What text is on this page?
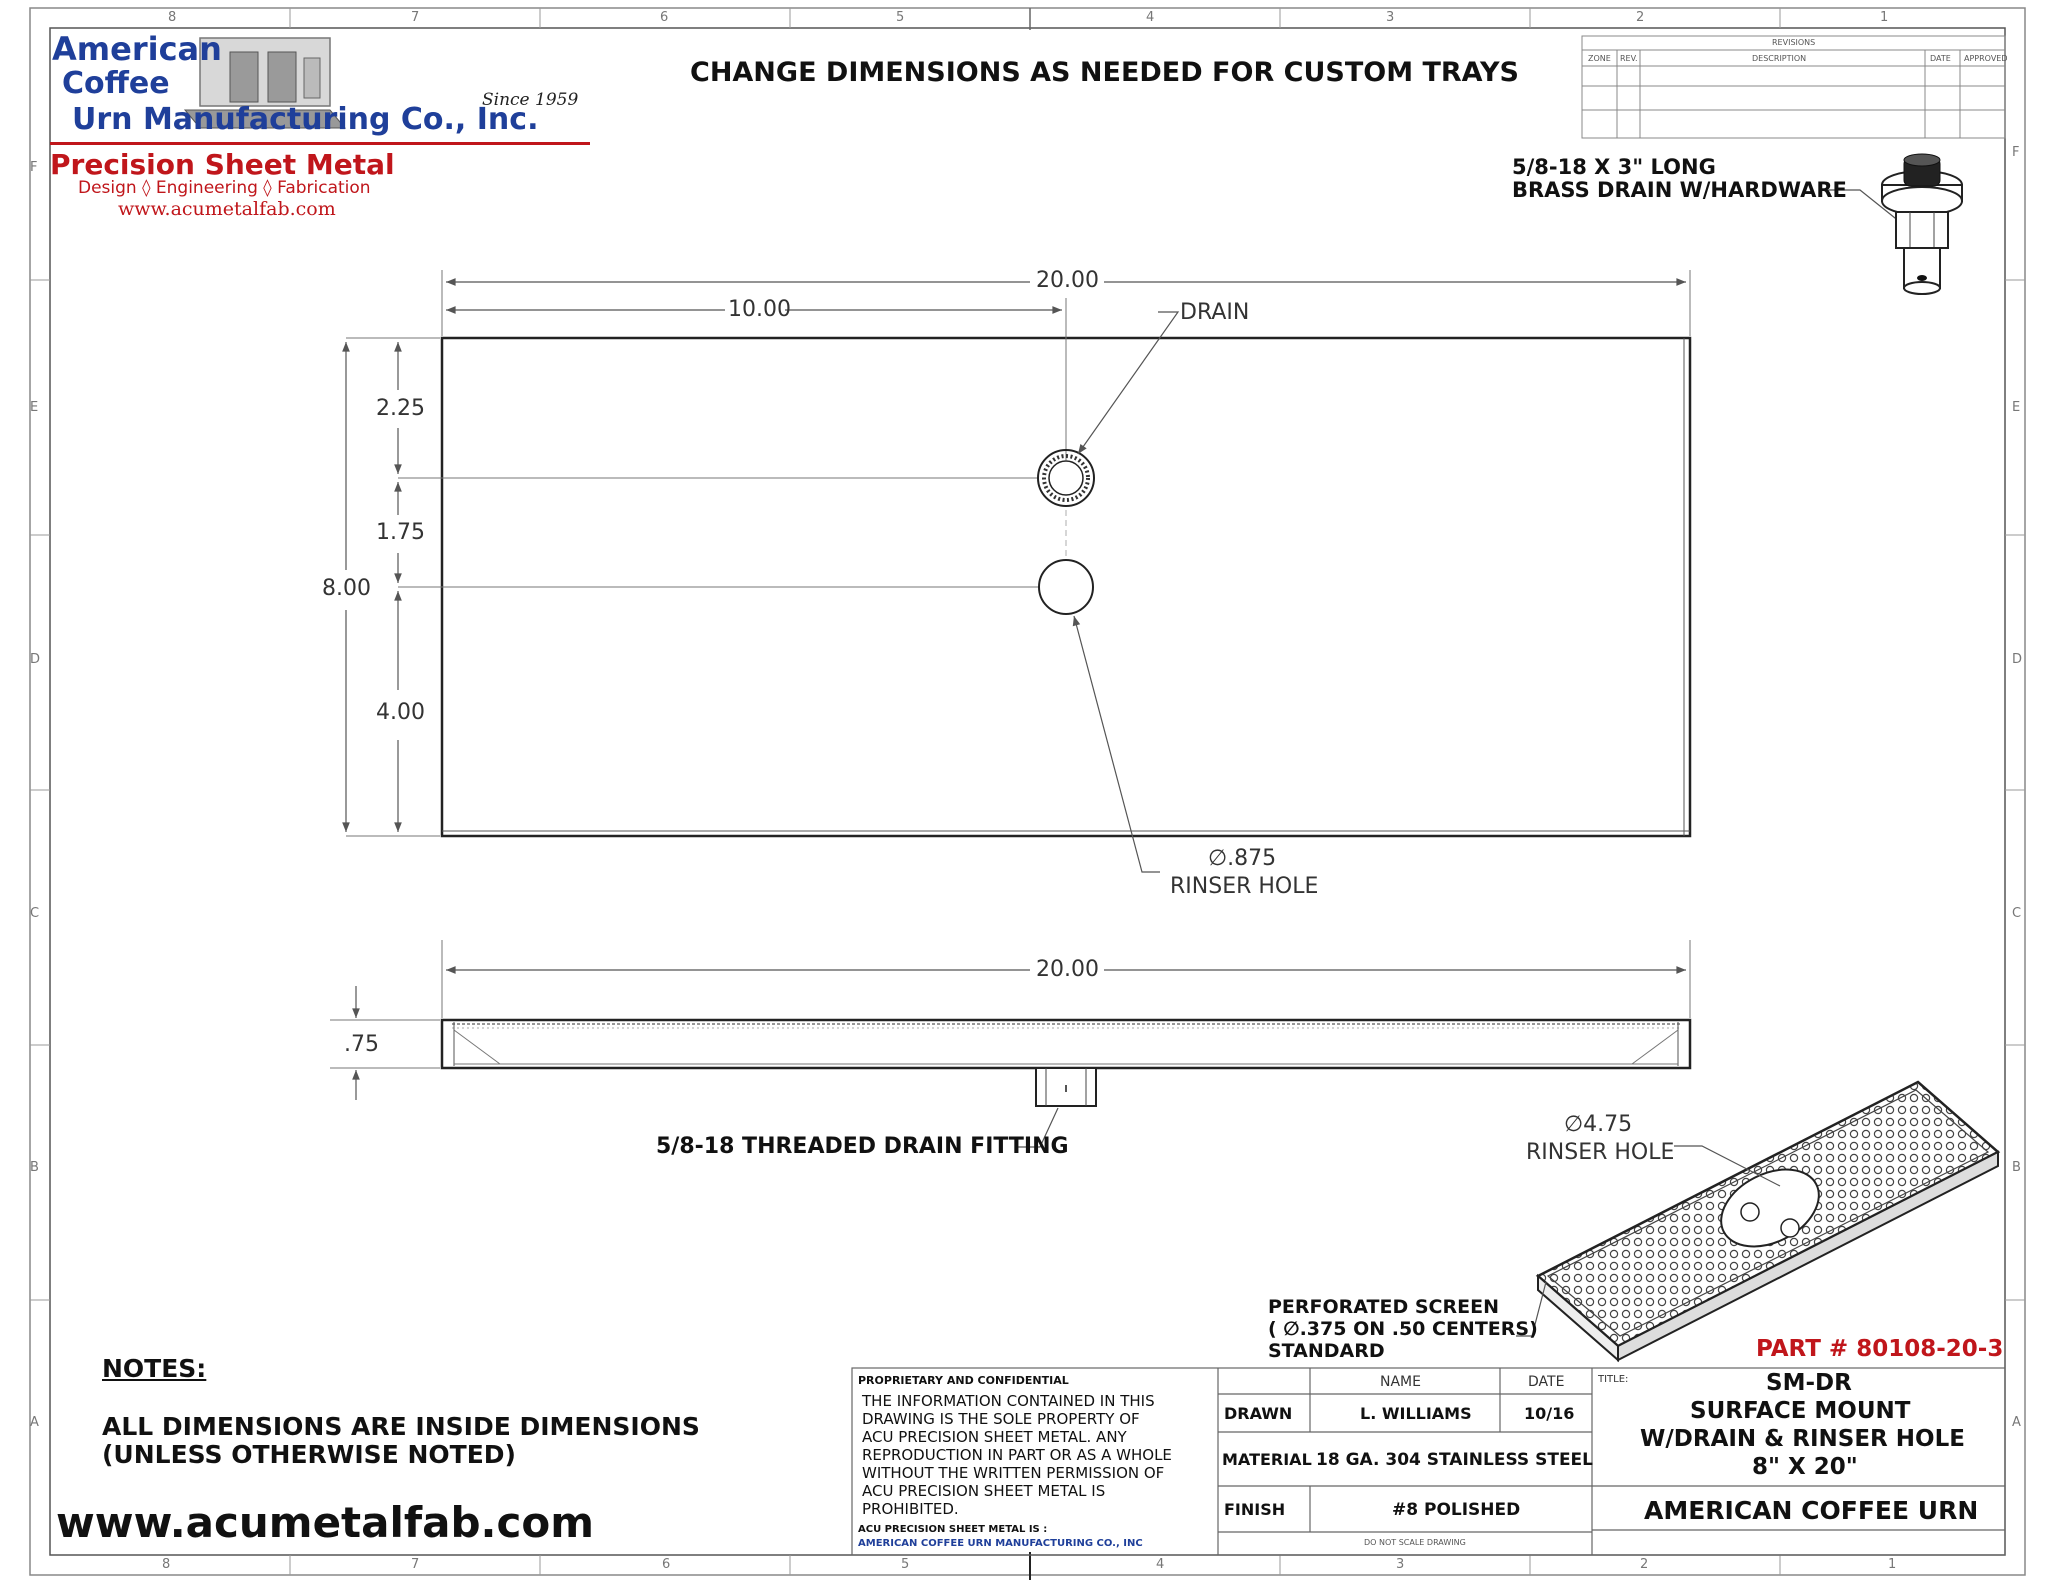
American
Coffee
Urn Manufacturing Co., Inc.
Since 1959
Precision Sheet Metal
Design ◊ Engineering ◊ Fabrication
www.acumetalfab.com
CHANGE DIMENSIONS AS NEEDED FOR CUSTOM TRAYS
8	7	6	5	4	3	2	1
8	7	6	5	4	3	2	1
F
E
D
C
B
A
F
E
D
C
B
A
REVISIONS
ZONE REV.	DESCRIPTION	DATE APPROVED
20.00
10.00
8.00
2.25
1.75
4.00
DRAIN
∅.875
RINSER HOLE
5/8-18 X 3" LONG
BRASS DRAIN W/HARDWARE
20.00
.75
5/8-18 THREADED DRAIN FITTING
∅4.75
RINSER HOLE
PERFORATED SCREEN
( ∅.375 ON .50 CENTERS)
STANDARD
NOTES:
ALL DIMENSIONS ARE INSIDE DIMENSIONS
(UNLESS OTHERWISE NOTED)
www.acumetalfab.com
PART # 80108-20-3
PROPRIETARY AND CONFIDENTIAL
THE INFORMATION CONTAINED IN THIS
DRAWING IS THE SOLE PROPERTY OF
ACU PRECISION SHEET METAL. ANY
REPRODUCTION IN PART OR AS A WHOLE
WITHOUT THE WRITTEN PERMISSION OF
ACU PRECISION SHEET METAL IS
PROHIBITED.
ACU PRECISION SHEET METAL IS :
AMERICAN COFFEE URN MANUFACTURING CO., INC
NAME	DATE	TITLE:
DRAWN	L. WILLIAMS	10/16
MATERIAL 18 GA. 304 STAINLESS STEEL
FINISH	#8 POLISHED
DO NOT SCALE DRAWING
SM-DR
SURFACE MOUNT
W/DRAIN & RINSER HOLE
8" X 20"
AMERICAN COFFEE URN
